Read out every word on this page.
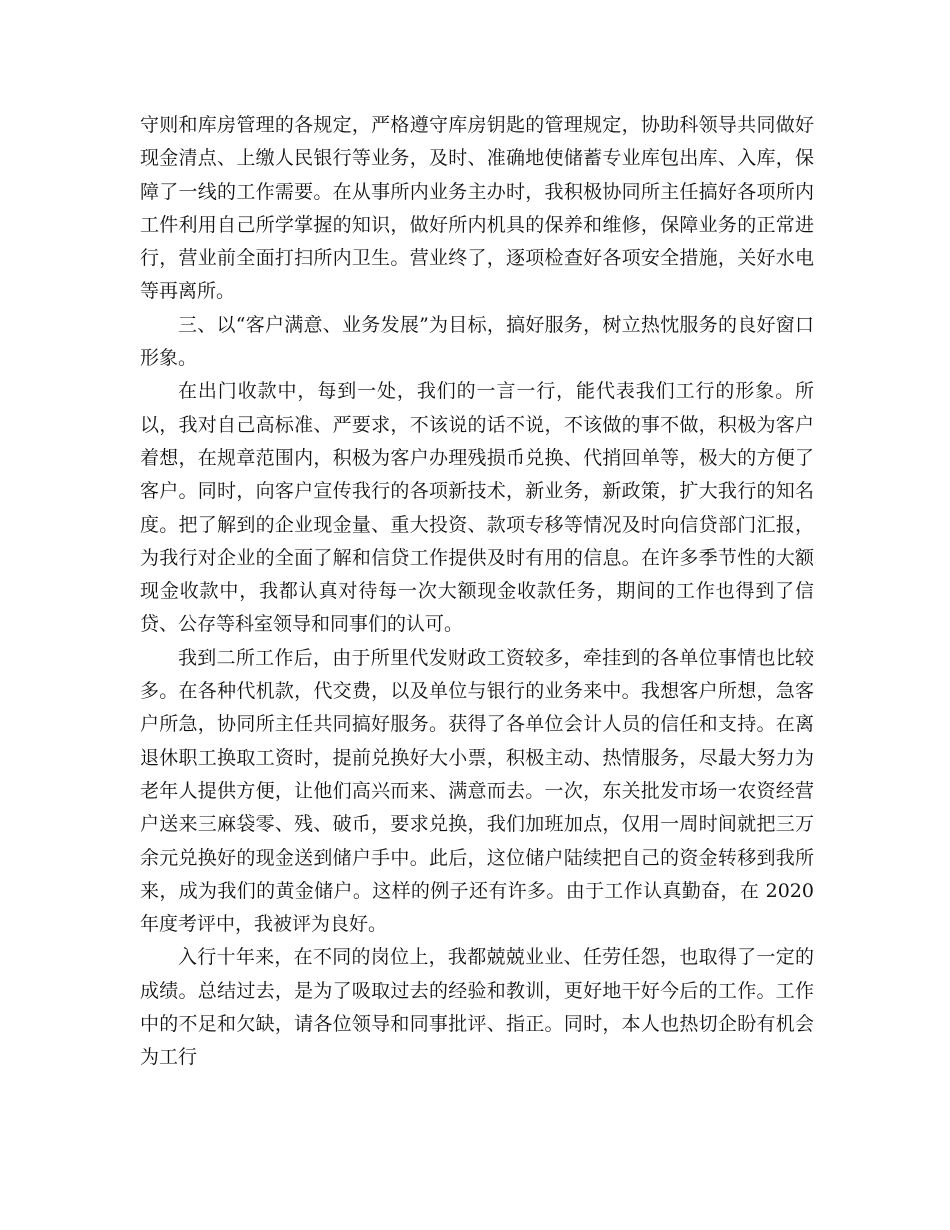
守则和库房管理的各规定，严格遵守库房钥匙的管理规定，协助科领导共同做好现金清点、上缴人民银行等业务，及时、准确地使储蓄专业库包出库、入库，保障了一线的工作需要。在从事所内业务主办时，我积极协同所主任搞好各项所内工件利用自己所学掌握的知识，做好所内机具的保养和维修，保障业务的正常进行，营业前全面打扫所内卫生。营业终了，逐项检查好各项安全措施，关好水电等再离所。

三、以“客户满意、业务发展”为目标，搞好服务，树立热忱服务的良好窗口形象。

在出门收款中，每到一处，我们的一言一行，能代表我们工行的形象。所以，我对自己高标准、严要求，不该说的话不说，不该做的事不做，积极为客户着想，在规章范围内，积极为客户办理残损币兑换、代捎回单等，极大的方便了客户。同时，向客户宣传我行的各项新技术，新业务，新政策，扩大我行的知名度。把了解到的企业现金量、重大投资、款项专移等情况及时向信贷部门汇报，为我行对企业的全面了解和信贷工作提供及时有用的信息。在许多季节性的大额现金收款中，我都认真对待每一次大额现金收款任务，期间的工作也得到了信贷、公存等科室领导和同事们的认可。

我到二所工作后，由于所里代发财政工资较多，牵挂到的各单位事情也比较多。在各种代机款，代交费，以及单位与银行的业务来中。我想客户所想，急客户所急，协同所主任共同搞好服务。获得了各单位会计人员的信任和支持。在离退休职工换取工资时，提前兑换好大小票，积极主动、热情服务，尽最大努力为老年人提供方便，让他们高兴而来、满意而去。一次，东关批发市场一农资经营户送来三麻袋零、残、破币，要求兑换，我们加班加点，仅用一周时间就把三万余元兑换好的现金送到储户手中。此后，这位储户陆续把自己的资金转移到我所来，成为我们的黄金储户。这样的例子还有许多。由于工作认真勤奋，在 2020 年度考评中，我被评为良好。

入行十年来，在不同的岗位上，我都兢兢业业、任劳任怨，也取得了一定的成绩。总结过去，是为了吸取过去的经验和教训，更好地干好今后的工作。工作中的不足和欠缺，请各位领导和同事批评、指正。同时，本人也热切企盼有机会为工行
